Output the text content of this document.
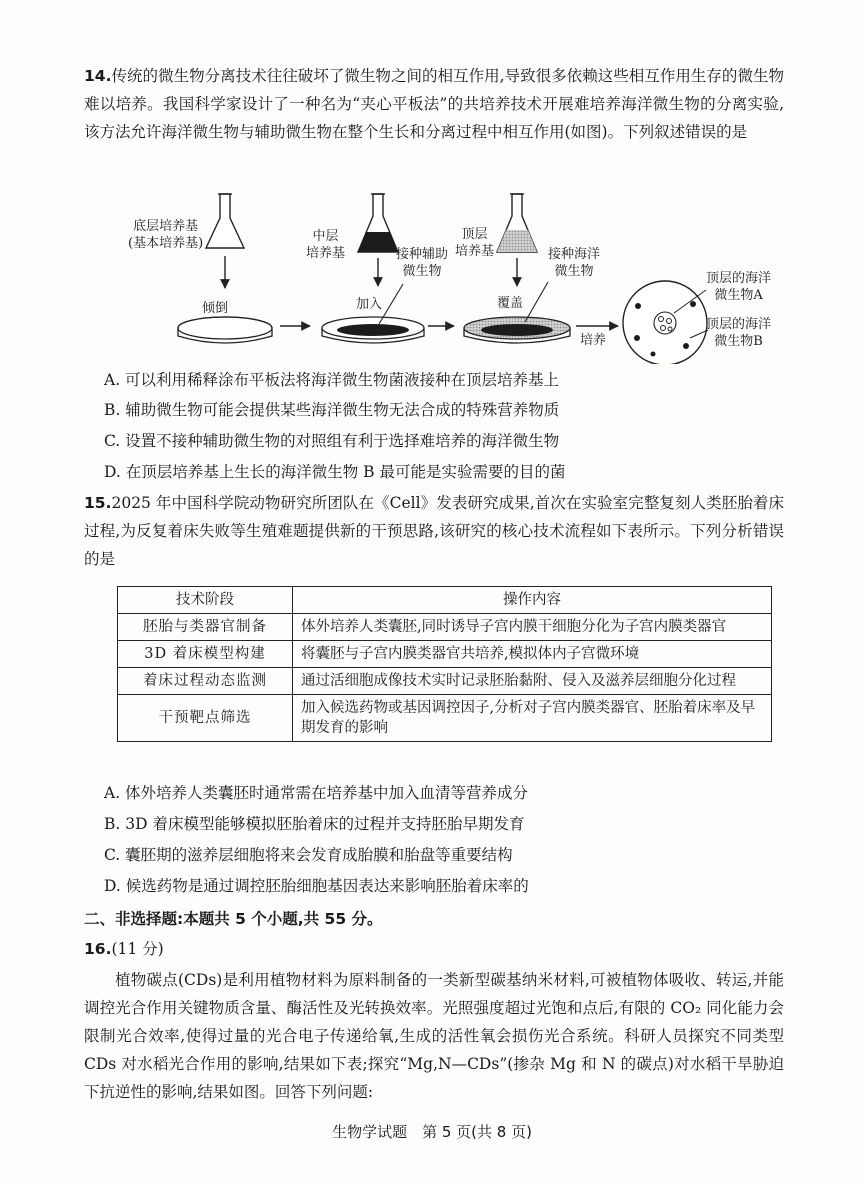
14.传统的微生物分离技术往往破坏了微生物之间的相互作用,导致很多依赖这些相互作用生存的微生物难以培养。我国科学家设计了一种名为“夹心平板法”的共培养技术开展难培养海洋微生物的分离实验,该方法允许海洋微生物与辅助微生物在整个生长和分离过程中相互作用(如图)。下列叙述错误的是
底层培养基
(基本培养基)
倾倒
中层
培养基	接种辅助
微生物
加入
顶层
培养基	接种海洋
微生物
覆盖
培养
顶层的海洋
微生物A
顶层的海洋
微生物B
A. 可以利用稀释涂布平板法将海洋微生物菌液接种在顶层培养基上
B. 辅助微生物可能会提供某些海洋微生物无法合成的特殊营养物质
C. 设置不接种辅助微生物的对照组有利于选择难培养的海洋微生物
D. 在顶层培养基上生长的海洋微生物 B 最可能是实验需要的目的菌
15.2025 年中国科学院动物研究所团队在《Cell》发表研究成果,首次在实验室完整复刻人类胚胎着床过程,为反复着床失败等生殖难题提供新的干预思路,该研究的核心技术流程如下表所示。下列分析错误的是
技术阶段	操作内容
胚胎与类器官制备	体外培养人类囊胚,同时诱导子宫内膜干细胞分化为子宫内膜类器官
3D 着床模型构建	将囊胚与子宫内膜类器官共培养,模拟体内子宫微环境
着床过程动态监测	通过活细胞成像技术实时记录胚胎黏附、侵入及滋养层细胞分化过程
干预靶点筛选	加入候选药物或基因调控因子,分析对子宫内膜类器官、胚胎着床率及早期发育的影响
A. 体外培养人类囊胚时通常需在培养基中加入血清等营养成分
B. 3D 着床模型能够模拟胚胎着床的过程并支持胚胎早期发育
C. 囊胚期的滋养层细胞将来会发育成胎膜和胎盘等重要结构
D. 候选药物是通过调控胚胎细胞基因表达来影响胚胎着床率的
二、非选择题:本题共 5 个小题,共 55 分。
16.(11 分)
植物碳点(CDs)是利用植物材料为原料制备的一类新型碳基纳米材料,可被植物体吸收、转运,并能调控光合作用关键物质含量、酶活性及光转换效率。光照强度超过光饱和点后,有限的 CO₂ 同化能力会限制光合效率,使得过量的光合电子传递给氧,生成的活性氧会损伤光合系统。科研人员探究不同类型 CDs 对水稻光合作用的影响,结果如下表;探究“Mg,N—CDs”(掺杂 Mg 和 N 的碳点)对水稻干旱胁迫下抗逆性的影响,结果如图。回答下列问题:
生物学试题　第 5 页(共 8 页)
